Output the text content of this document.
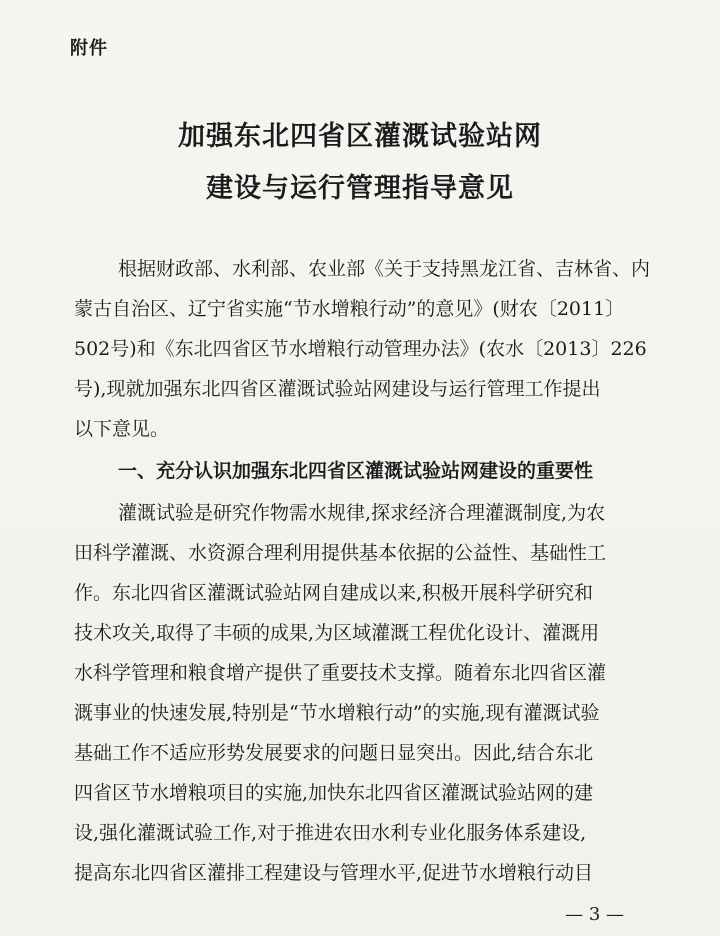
附件
加强东北四省区灌溉试验站网
建设与运行管理指导意见
根据财政部、水利部、农业部《关于支持黑龙江省、吉林省、内
蒙古自治区、辽宁省实施“节水增粮行动”的意见》(财农〔2011〕
502号)和《东北四省区节水增粮行动管理办法》(农水〔2013〕226
号),现就加强东北四省区灌溉试验站网建设与运行管理工作提出
以下意见。
一、充分认识加强东北四省区灌溉试验站网建设的重要性
灌溉试验是研究作物需水规律,探求经济合理灌溉制度,为农
田科学灌溉、水资源合理利用提供基本依据的公益性、基础性工
作。东北四省区灌溉试验站网自建成以来,积极开展科学研究和
技术攻关,取得了丰硕的成果,为区域灌溉工程优化设计、灌溉用
水科学管理和粮食增产提供了重要技术支撑。随着东北四省区灌
溉事业的快速发展,特别是“节水增粮行动”的实施,现有灌溉试验
基础工作不适应形势发展要求的问题日显突出。因此,结合东北
四省区节水增粮项目的实施,加快东北四省区灌溉试验站网的建
设,强化灌溉试验工作,对于推进农田水利专业化服务体系建设,
提高东北四省区灌排工程建设与管理水平,促进节水增粮行动目
— 3 —
